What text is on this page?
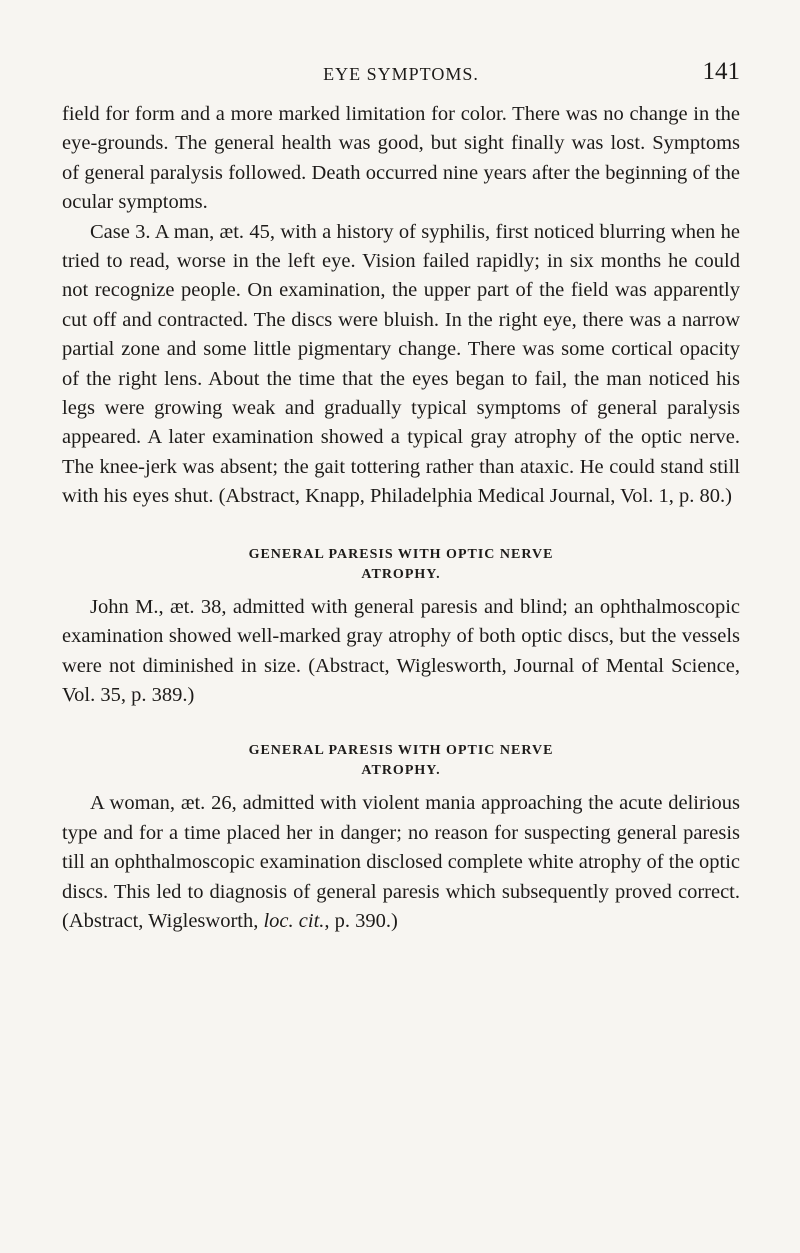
EYE SYMPTOMS.	141

field for form and a more marked limitation for color. There was no change in the eye-grounds. The general health was good, but sight finally was lost. Symptoms of general paralysis followed. Death occurred nine years after the beginning of the ocular symptoms.

Case 3. A man, æt. 45, with a history of syphilis, first noticed blurring when he tried to read, worse in the left eye. Vision failed rapidly; in six months he could not recognize people. On examination, the upper part of the field was apparently cut off and contracted. The discs were bluish. In the right eye, there was a narrow partial zone and some little pigmentary change. There was some cortical opacity of the right lens. About the time that the eyes began to fail, the man noticed his legs were growing weak and gradually typical symptoms of general paralysis appeared. A later examination showed a typical gray atrophy of the optic nerve. The knee-jerk was absent; the gait tottering rather than ataxic. He could stand still with his eyes shut. (Abstract, Knapp, Philadelphia Medical Journal, Vol. 1, p. 80.)

GENERAL PARESIS WITH OPTIC NERVE
ATROPHY.

John M., æt. 38, admitted with general paresis and blind; an ophthalmoscopic examination showed well-marked gray atrophy of both optic discs, but the vessels were not diminished in size. (Abstract, Wiglesworth, Journal of Mental Science, Vol. 35, p. 389.)

GENERAL PARESIS WITH OPTIC NERVE
ATROPHY.

A woman, æt. 26, admitted with violent mania approaching the acute delirious type and for a time placed her in danger; no reason for suspecting general paresis till an ophthalmoscopic examination disclosed complete white atrophy of the optic discs. This led to diagnosis of general paresis which subsequently proved correct. (Abstract, Wiglesworth, loc. cit., p. 390.)
